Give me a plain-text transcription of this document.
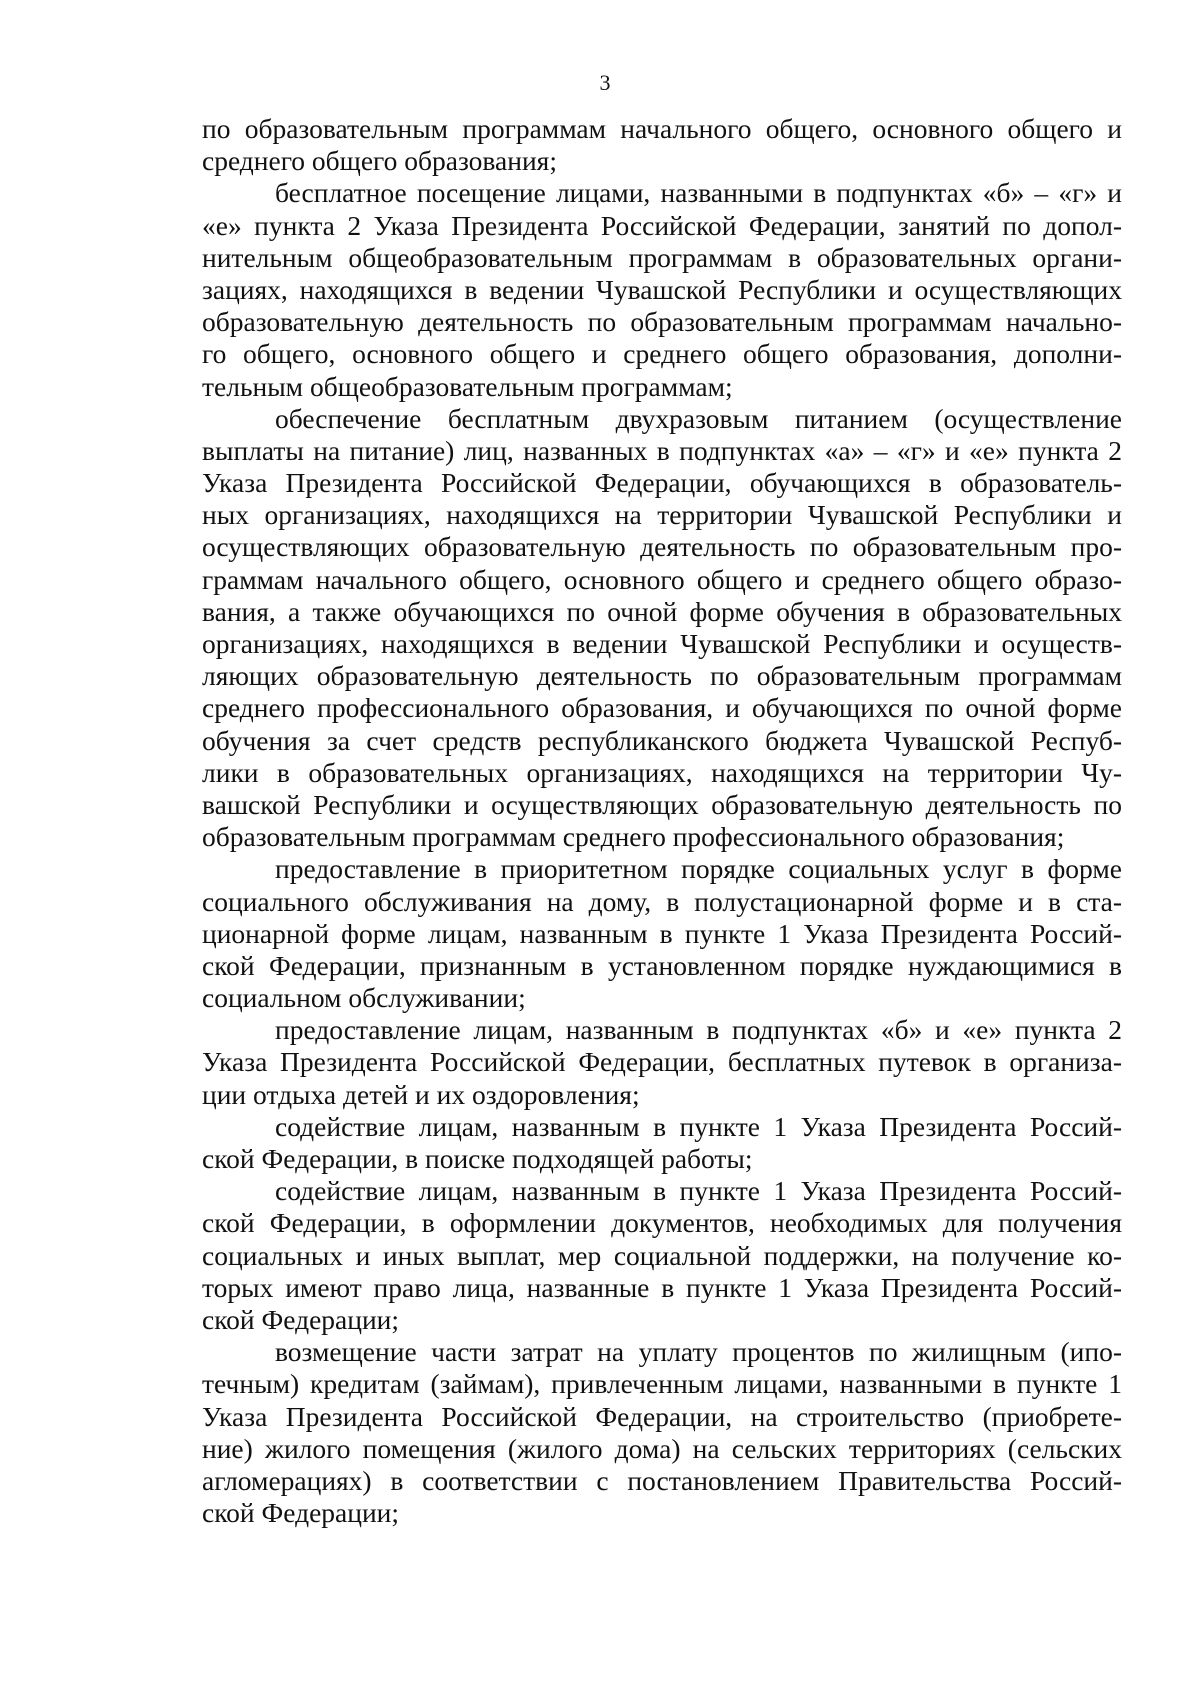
3
по образовательным программам начального общего, основного общего и
среднего общего образования;
бесплатное посещение лицами, названными в подпунктах «б» – «г» и
«е» пункта 2 Указа Президента Российской Федерации, занятий по допол-
нительным общеобразовательным программам в образовательных органи-
зациях, находящихся в ведении Чувашской Республики и осуществляющих
образовательную деятельность по образовательным программам начально-
го общего, основного общего и среднего общего образования, дополни-
тельным общеобразовательным программам;
обеспечение бесплатным двухразовым питанием (осуществление
выплаты на питание) лиц, названных в подпунктах «а» – «г» и «е» пункта 2
Указа Президента Российской Федерации, обучающихся в образователь-
ных организациях, находящихся на территории Чувашской Республики и
осуществляющих образовательную деятельность по образовательным про-
граммам начального общего, основного общего и среднего общего образо-
вания, а также обучающихся по очной форме обучения в образовательных
организациях, находящихся в ведении Чувашской Республики и осуществ-
ляющих образовательную деятельность по образовательным программам
среднего профессионального образования, и обучающихся по очной форме
обучения за счет средств республиканского бюджета Чувашской Респуб-
лики в образовательных организациях, находящихся на территории Чу-
вашской Республики и осуществляющих образовательную деятельность по
образовательным программам среднего профессионального образования;
предоставление в приоритетном порядке социальных услуг в форме
социального обслуживания на дому, в полустационарной форме и в ста-
ционарной форме лицам, названным в пункте 1 Указа Президента Россий-
ской Федерации, признанным в установленном порядке нуждающимися в
социальном обслуживании;
предоставление лицам, названным в подпунктах «б» и «е» пункта 2
Указа Президента Российской Федерации, бесплатных путевок в организа-
ции отдыха детей и их оздоровления;
содействие лицам, названным в пункте 1 Указа Президента Россий-
ской Федерации, в поиске подходящей работы;
содействие лицам, названным в пункте 1 Указа Президента Россий-
ской Федерации, в оформлении документов, необходимых для получения
социальных и иных выплат, мер социальной поддержки, на получение ко-
торых имеют право лица, названные в пункте 1 Указа Президента Россий-
ской Федерации;
возмещение части затрат на уплату процентов по жилищным (ипо-
течным) кредитам (займам), привлеченным лицами, названными в пункте 1
Указа Президента Российской Федерации, на строительство (приобрете-
ние) жилого помещения (жилого дома) на сельских территориях (сельских
агломерациях) в соответствии с постановлением Правительства Россий-
ской Федерации;
